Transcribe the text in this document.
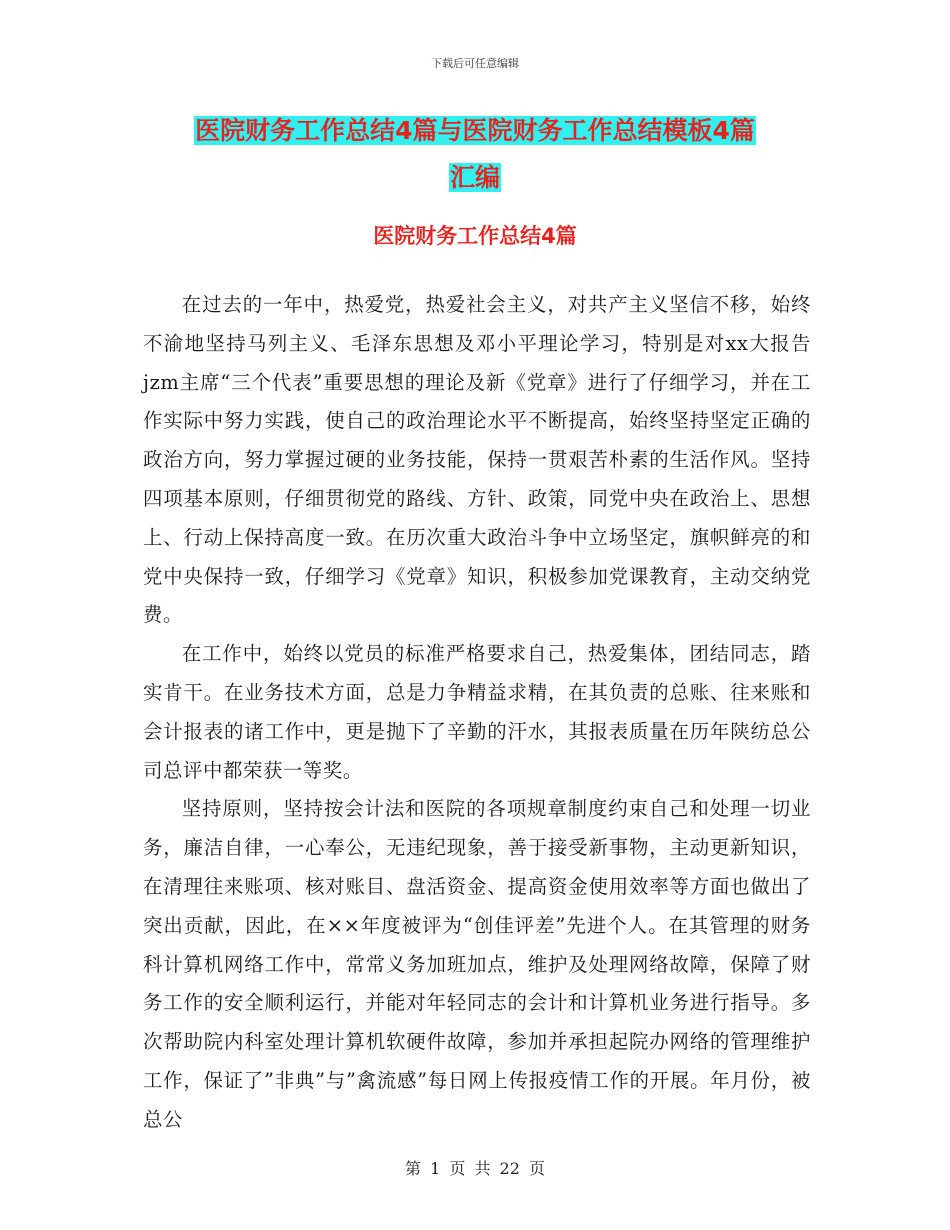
下载后可任意编辑
医院财务工作总结4篇与医院财务工作总结模板4篇
汇编
医院财务工作总结4篇

在过去的一年中，热爱党，热爱社会主义，对共产主义坚信不移，始终不渝地坚持马列主义、毛泽东思想及邓小平理论学习，特别是对xx大报告jzm主席“三个代表”重要思想的理论及新《党章》进行了仔细学习，并在工作实际中努力实践，使自己的政治理论水平不断提高，始终坚持坚定正确的政治方向，努力掌握过硬的业务技能，保持一贯艰苦朴素的生活作风。坚持四项基本原则，仔细贯彻党的路线、方针、政策，同党中央在政治上、思想上、行动上保持高度一致。在历次重大政治斗争中立场坚定，旗帜鲜亮的和党中央保持一致，仔细学习《党章》知识，积极参加党课教育，主动交纳党费。

在工作中，始终以党员的标准严格要求自己，热爱集体，团结同志，踏实肯干。在业务技术方面，总是力争精益求精，在其负责的总账、往来账和会计报表的诸工作中，更是抛下了辛勤的汗水，其报表质量在历年陕纺总公司总评中都荣获一等奖。

坚持原则，坚持按会计法和医院的各项规章制度约束自己和处理一切业务，廉洁自律，一心奉公，无违纪现象，善于接受新事物，主动更新知识，在清理往来账项、核对账目、盘活资金、提高资金使用效率等方面也做出了突出贡献，因此，在××年度被评为“创佳评差”先进个人。在其管理的财务科计算机网络工作中，常常义务加班加点，维护及处理网络故障，保障了财务工作的安全顺利运行，并能对年轻同志的会计和计算机业务进行指导。多次帮助院内科室处理计算机软硬件故障，参加并承担起院办网络的管理维护工作，保证了”非典”与”禽流感”每日网上传报疫情工作的开展。年月份，被总公

第 1 页 共 22 页
